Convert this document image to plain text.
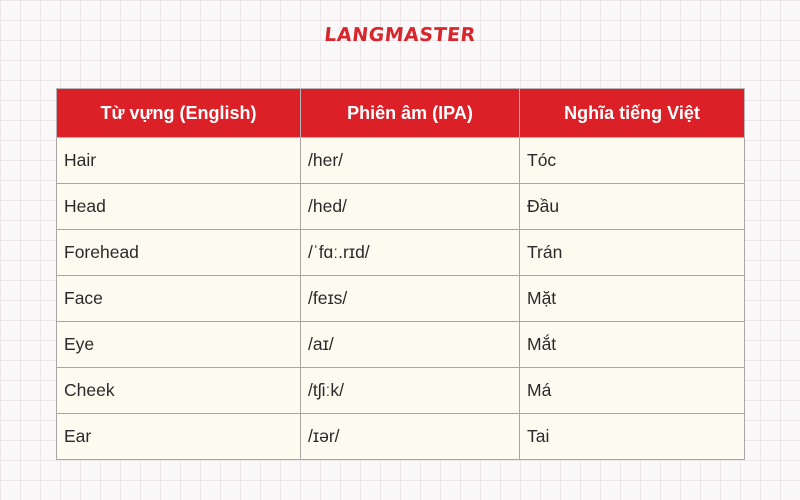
LANGMASTER
Từ vựng (English)	Phiên âm (IPA)	Nghĩa tiếng Việt
Hair	/her/	Tóc
Head	/hed/	Đầu
Forehead	/ˈfɑː.rɪd/	Trán
Face	/feɪs/	Mặt
Eye	/aɪ/	Mắt
Cheek	/tʃiːk/	Má
Ear	/ɪər/	Tai
